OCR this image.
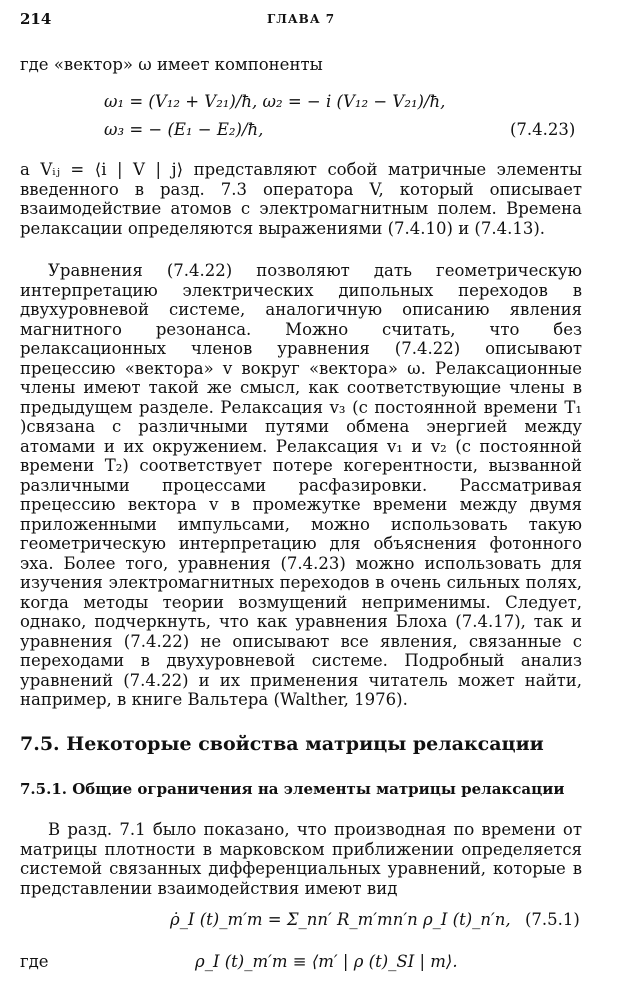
214	ГЛАВА 7
где «вектор» ω имеет компоненты
ω₁ = (V₁₂ + V₂₁)/ħ, ω₂ = − i (V₁₂ − V₂₁)/ħ,
ω₃ = − (E₁ − E₂)/ħ,	(7.4.23)
а Vᵢⱼ = ⟨i | V | j⟩ представляют собой матричные элементы введенного в разд. 7.3 оператора V, который описывает взаимодействие атомов с электромагнитным полем. Времена релаксации определяются выражениями (7.4.10) и (7.4.13).
Уравнения (7.4.22) позволяют дать геометрическую интерпретацию электрических дипольных переходов в двухуровневой системе, аналогичную описанию явления магнитного резонанса. Можно считать, что без релаксационных членов уравнения (7.4.22) описывают прецессию «вектора» v вокруг «вектора» ω. Релаксационные члены имеют такой же смысл, как соответствующие члены в предыдущем разделе. Релаксация v₃ (с постоянной времени T₁ )связана с различными путями обмена энергией между атомами и их окружением. Релаксация v₁ и v₂ (с постоянной времени T₂) соответствует потере когерентности, вызванной различными процессами расфазировки. Рассматривая прецессию вектора v в промежутке времени между двумя приложенными импульсами, можно использовать такую геометрическую интерпретацию для объяснения фотонного эха. Более того, уравнения (7.4.23) можно использовать для изучения электромагнитных переходов в очень сильных полях, когда методы теории возмущений неприменимы. Следует, однако, подчеркнуть, что как уравнения Блоха (7.4.17), так и уравнения (7.4.22) не описывают все явления, связанные с переходами в двухуровневой системе. Подробный анализ уравнений (7.4.22) и их применения читатель может найти, например, в книге Вальтера (Walther, 1976).
7.5. Некоторые свойства матрицы релаксации
7.5.1. Общие ограничения на элементы матрицы релаксации
В разд. 7.1 было показано, что производная по времени от матрицы плотности в марковском приближении определяется системой связанных дифференциальных уравнений, которые в представлении взаимодействия имеют вид
ρ̇_I (t)_m′m = Σ_nn′ R_m′mn′n ρ_I (t)_n′n, (7.5.1)
где	ρ_I (t)_m′m ≡ ⟨m′ | ρ (t)_SI | m⟩.
